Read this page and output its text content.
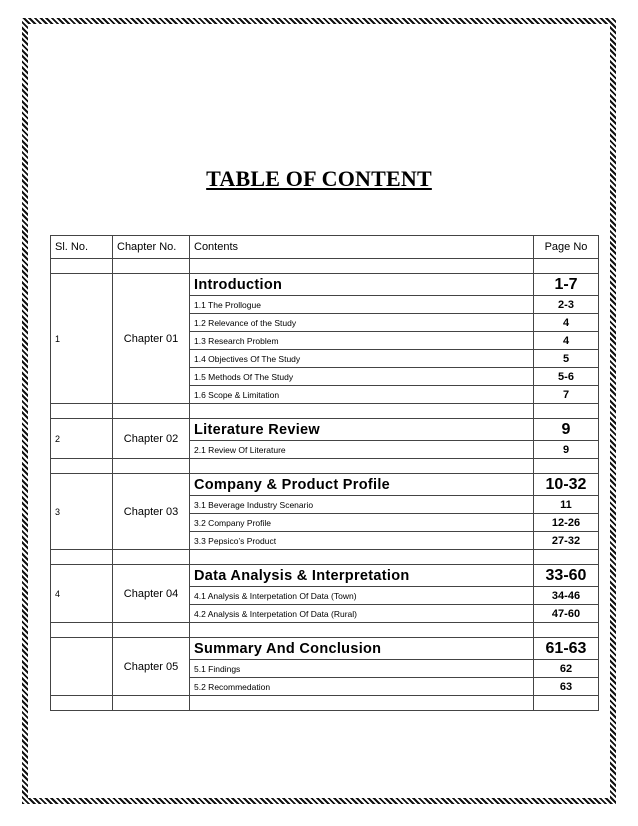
TABLE OF CONTENT
Sl. No.	Chapter No.	Contents	Page No

1	Chapter 01	Introduction	1-7
		1.1 The Prollogue	2-3
		1.2 Relevance of the Study	4
		1.3 Research Problem	4
		1.4 Objectives Of The Study	5
		1.5 Methods Of The Study	5-6
		1.6 Scope & Limitation	7

2	Chapter 02	Literature Review	9
		2.1 Review Of Literature	9

3	Chapter 03	Company & Product Profile	10-32
		3.1 Beverage Industry Scenario	11
		3.2 Company Profile	12-26
		3.3 Pepsico’s Product	27-32

4	Chapter 04	Data Analysis & Interpretation	33-60
		4.1 Analysis & Interpetation Of Data (Town)	34-46
		4.2 Analysis & Interpetation Of Data (Rural)	47-60

	Chapter 05	Summary And Conclusion	61-63
		5.1 Findings	62
		5.2 Recommedation	63
